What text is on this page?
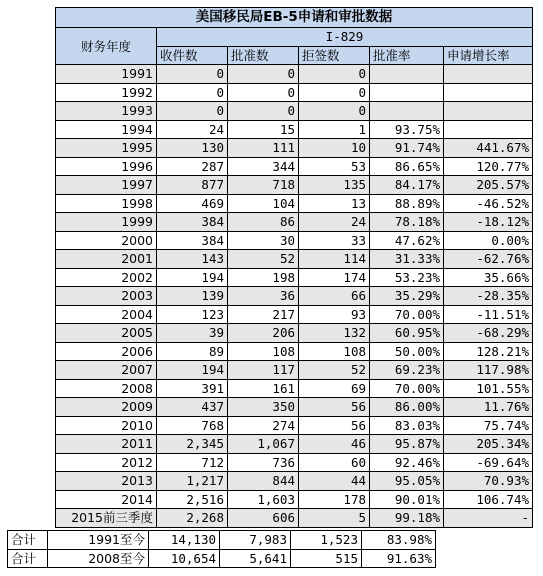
美国移民局EB-5申请和审批数据					
财务年度	I-829				
	收件数	批准数	拒签数	批准率	申请增长率
1991	0	0	0		
1992	0	0	0		
1993	0	0	0		
1994	24	15	1	93.75%	
1995	130	111	10	91.74%	441.67%
1996	287	344	53	86.65%	120.77%
1997	877	718	135	84.17%	205.57%
1998	469	104	13	88.89%	-46.52%
1999	384	86	24	78.18%	-18.12%
2000	384	30	33	47.62%	0.00%
2001	143	52	114	31.33%	-62.76%
2002	194	198	174	53.23%	35.66%
2003	139	36	66	35.29%	-28.35%
2004	123	217	93	70.00%	-11.51%
2005	39	206	132	60.95%	-68.29%
2006	89	108	108	50.00%	128.21%
2007	194	117	52	69.23%	117.98%
2008	391	161	69	70.00%	101.55%
2009	437	350	56	86.00%	11.76%
2010	768	274	56	83.03%	75.74%
2011	2,345	1,067	46	95.87%	205.34%
2012	712	736	60	92.46%	-69.64%
2013	1,217	844	44	95.05%	70.93%
2014	2,516	1,603	178	90.01%	106.74%
2015前三季度	2,268	606	5	99.18%	-
合计	1991至今	14,130	7,983	1,523	83.98%
合计	2008至今	10,654	5,641	515	91.63%
